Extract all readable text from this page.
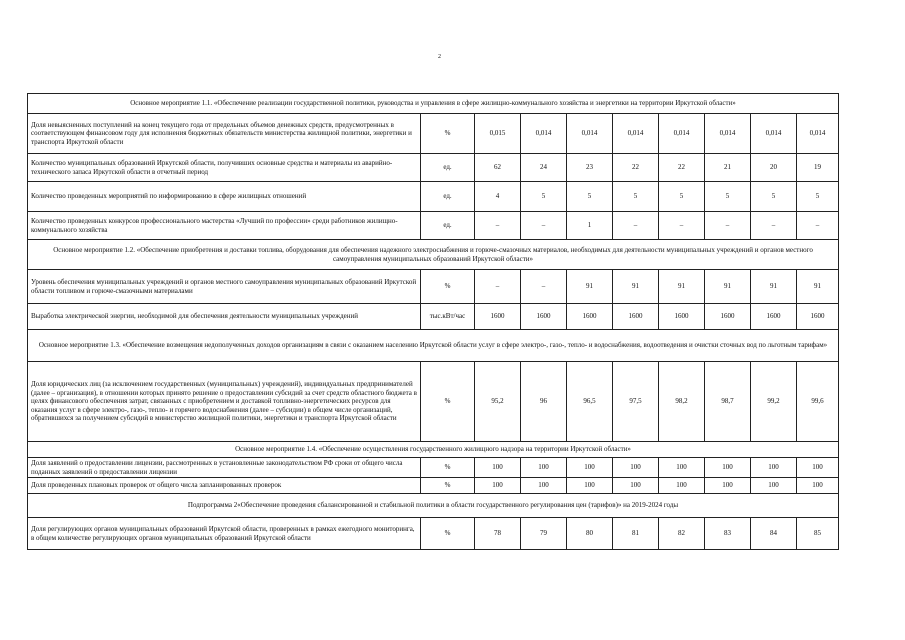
2
Основное мероприятие 1.1. «Обеспечение реализации государственной политики, руководства и управления в сфере жилищно-коммунального хозяйства и энергетики на территории Иркутской области»									
Доля невыясненных поступлений на конец текущего года от предельных объемов денежных средств, предусмотренных в соответствующем финансовом году для исполнения бюджетных обязательств министерства жилищной политики, энергетики и транспорта Иркутской области	%	0,015	0,014	0,014	0,014	0,014	0,014	0,014	0,014
Количество муниципальных образований Иркутской области, получивших основные средства и материалы из аварийно-технического запаса Иркутской области в отчетный период	ед.	62	24	23	22	22	21	20	19
Количество проведенных мероприятий по информированию в сфере жилищных отношений	ед.	4	5	5	5	5	5	5	5
Количество проведенных конкурсов профессионального мастерства «Лучший по профессии» среди работников жилищно-коммунального хозяйства	ед.	–	–	1	–	–	–	–	–
Основное мероприятие 1.2. «Обеспечение приобретения и доставки топлива, оборудования для обеспечения надежного электроснабжения и горюче-смазочных материалов, необходимых для деятельности муниципальных учреждений и органов местного самоуправления муниципальных образований Иркутской области»									
Уровень обеспечения муниципальных учреждений и органов местного самоуправления муниципальных образований Иркутской области топливом и горюче-смазочными материалами	%	–	–	91	91	91	91	91	91
Выработка электрической энергии, необходимой для обеспечения деятельности муниципальных учреждений	тыс.кВт/час	1600	1600	1600	1600	1600	1600	1600	1600
Основное мероприятие 1.3. «Обеспечение возмещения недополученных доходов организациям в связи с оказанием населению Иркутской области услуг в сфере электро-, газо-, тепло- и водоснабжения, водоотведения и очистки сточных вод по льготным тарифам»									
Доля юридических лиц (за исключением государственных (муниципальных) учреждений), индивидуальных предпринимателей (далее – организация), в отношении которых принято решение о предоставлении субсидий за счет средств областного бюджета в целях финансового обеспечения затрат, связанных с приобретением и доставкой топливно-энергетических ресурсов для оказания услуг в сфере электро-, газо-, тепло- и горячего водоснабжения (далее – субсидии) в общем числе организаций, обратившихся за получением субсидий в министерство жилищной политики, энергетики и транспорта Иркутской области	%	95,2	96	96,5	97,5	98,2	98,7	99,2	99,6
Основное мероприятие 1.4. «Обеспечение осуществления государственного жилищного надзора на территории Иркутской области»									
Доля заявлений о предоставлении лицензии, рассмотренных в установленные законодательством РФ сроки от общего числа поданных заявлений о предоставлении лицензии	%	100	100	100	100	100	100	100	100
Доля проведенных плановых проверок от общего числа запланированных проверок	%	100	100	100	100	100	100	100	100
Подпрограмма 2«Обеспечение проведения сбалансированной и стабильной политики в области государственного регулирования цен (тарифов)» на 2019-2024 годы									
Доля регулирующих органов муниципальных образований Иркутской области, проверенных в рамках ежегодного мониторинга, в общем количестве регулирующих органов муниципальных образований Иркутской области	%	78	79	80	81	82	83	84	85
